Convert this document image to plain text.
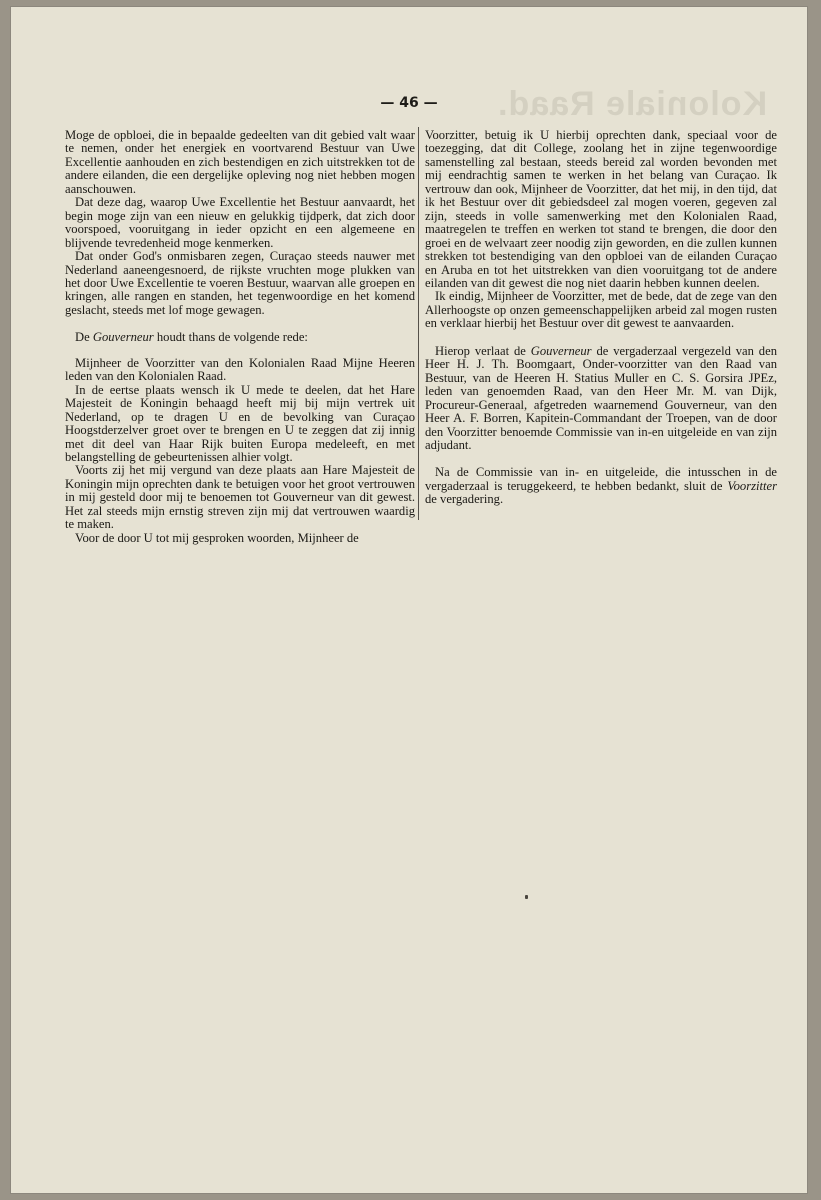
Koloniale Raad.
— 46 —

Moge de opbloei, die in bepaalde gedeelten van dit gebied valt waar te nemen, onder het energiek en voortvarend Bestuur van Uwe Excellentie aanhouden en zich bestendigen en zich uitstrekken tot de andere eilanden, die een dergelijke opleving nog niet hebben mogen aanschouwen.

Dat deze dag, waarop Uwe Excellentie het Bestuur aanvaardt, het begin moge zijn van een nieuw en gelukkig tijdperk, dat zich door voorspoed, vooruitgang in ieder opzicht en een algemeene en blijvende tevredenheid moge kenmerken.

Dat onder God's onmisbaren zegen, Curaçao steeds nauwer met Nederland aaneengesnoerd, de rijkste vruchten moge plukken van het door Uwe Excellentie te voeren Bestuur, waarvan alle groepen en kringen, alle rangen en standen, het tegenwoordige en het komend geslacht, steeds met lof moge gewagen.

De Gouverneur houdt thans de volgende rede:

Mijnheer de Voorzitter van den Kolonialen Raad Mijne Heeren leden van den Kolonialen Raad.

In de eertse plaats wensch ik U mede te deelen, dat het Hare Majesteit de Koningin behaagd heeft mij bij mijn vertrek uit Nederland, op te dragen U en de bevolking van Curaçao Hoogstderzelver groet over te brengen en U te zeggen dat zij innig met dit deel van Haar Rijk buiten Europa medeleeft, en met belangstelling de gebeurtenissen alhier volgt.

Voorts zij het mij vergund van deze plaats aan Hare Majesteit de Koningin mijn oprechten dank te betuigen voor het groot vertrouwen in mij gesteld door mij te benoemen tot Gouverneur van dit gewest. Het zal steeds mijn ernstig streven zijn mij dat vertrouwen waardig te maken.

Voor de door U tot mij gesproken woorden, Mijnheer de

Voorzitter, betuig ik U hierbij oprechten dank, speciaal voor de toezegging, dat dit College, zoolang het in zijne tegenwoordige samenstelling zal bestaan, steeds bereid zal worden bevonden met mij eendrachtig samen te werken in het belang van Curaçao. Ik vertrouw dan ook, Mijnheer de Voorzitter, dat het mij, in den tijd, dat ik het Bestuur over dit gebiedsdeel zal mogen voeren, gegeven zal zijn, steeds in volle samenwerking met den Kolonialen Raad, maatregelen te treffen en werken tot stand te brengen, die door den groei en de welvaart zeer noodig zijn geworden, en die zullen kunnen strekken tot bestendiging van den opbloei van de eilanden Curaçao en Aruba en tot het uitstrekken van dien vooruitgang tot de andere eilanden van dit gewest die nog niet daarin hebben kunnen deelen.

Ik eindig, Mijnheer de Voorzitter, met de bede, dat de zege van den Allerhoogste op onzen gemeenschappelijken arbeid zal mogen rusten en verklaar hierbij het Bestuur over dit gewest te aanvaarden.

Hierop verlaat de Gouverneur de vergaderzaal vergezeld van den Heer H. J. Th. Boomgaart, Onder-voorzitter van den Raad van Bestuur, van de Heeren H. Statius Muller en C. S. Gorsira JPEz, leden van genoemden Raad, van den Heer Mr. M. van Dijk, Procureur-Generaal, afgetreden waarnemend Gouverneur, van den Heer A. F. Borren, Kapitein-Commandant der Troepen, van de door den Voorzitter benoemde Commissie van in-en uitgeleide en van zijn adjudant.

Na de Commissie van in- en uitgeleide, die intusschen in de vergaderzaal is teruggekeerd, te hebben bedankt, sluit de Voorzitter de vergadering.
